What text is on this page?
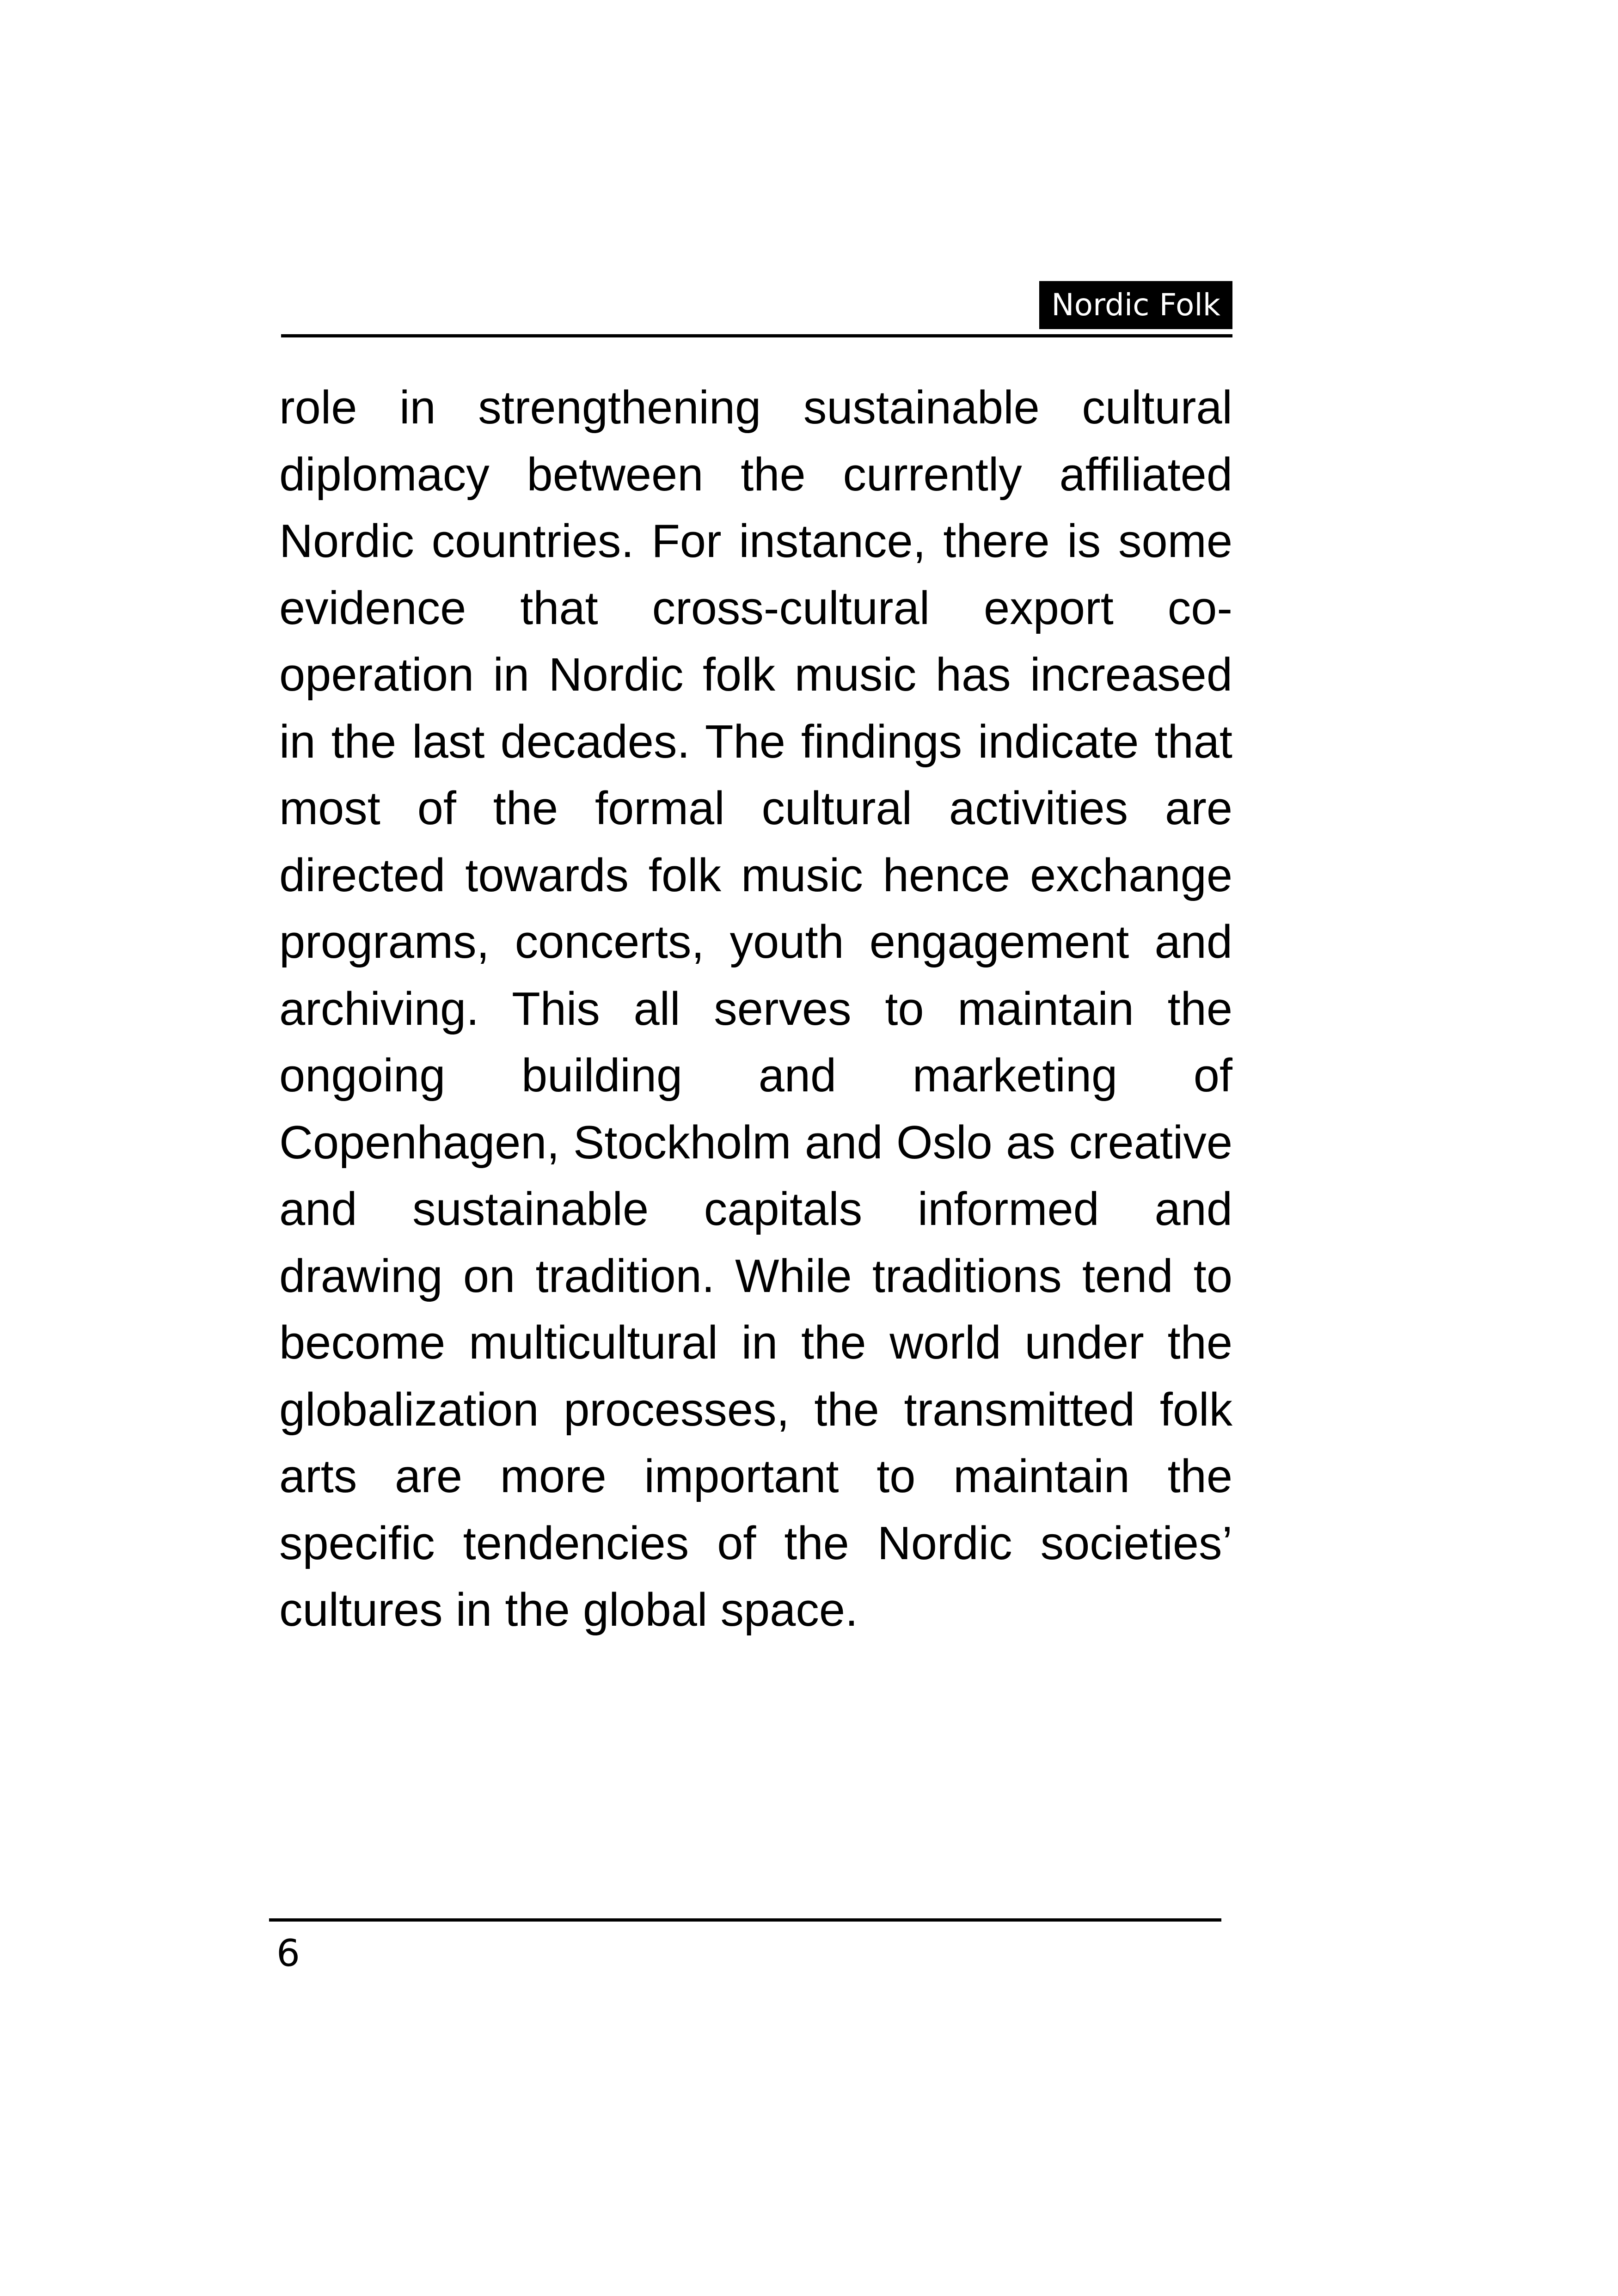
Nordic Folk

role in strengthening sustainable cultural diplomacy between the currently affiliated Nordic countries. For instance, there is some evidence that cross-cultural export co-operation in Nordic folk music has increased in the last decades. The findings indicate that most of the formal cultural activities are directed towards folk music hence exchange programs, concerts, youth engagement and archiving. This all serves to maintain the ongoing building and marketing of Copenhagen, Stockholm and Oslo as creative and sustainable capitals informed and drawing on tradition. While traditions tend to become multicultural in the world under the globalization processes, the transmitted folk arts are more important to maintain the specific tendencies of the Nordic societies’ cultures in the global space.

6
